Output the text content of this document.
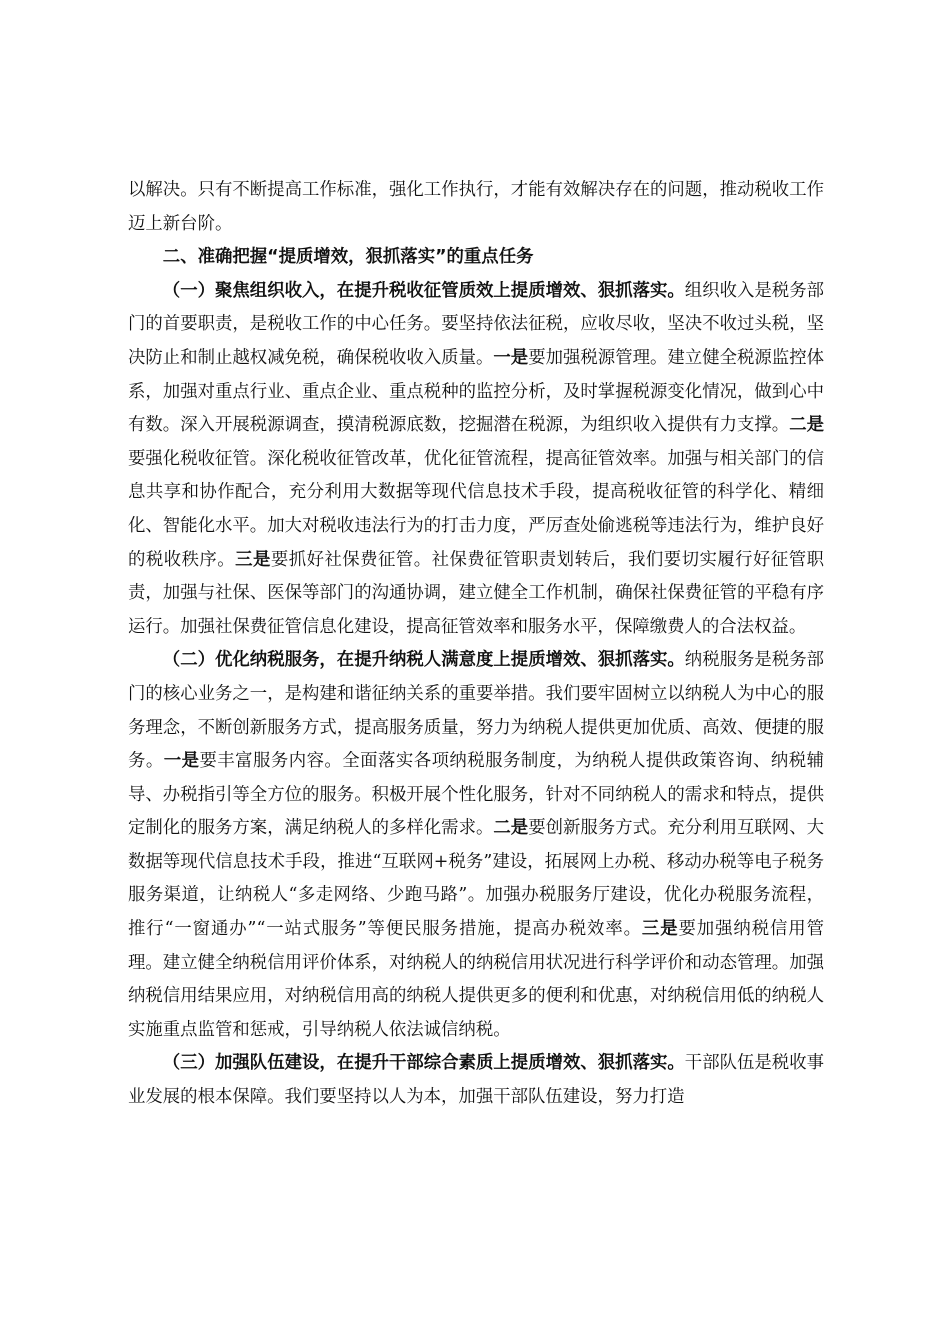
以解决。只有不断提高工作标准，强化工作执行，才能有效解决存在的问题，推动税收工作迈上新台阶。

二、准确把握“提质增效，狠抓落实”的重点任务

（一）聚焦组织收入，在提升税收征管质效上提质增效、狠抓落实。组织收入是税务部门的首要职责，是税收工作的中心任务。要坚持依法征税，应收尽收，坚决不收过头税，坚决防止和制止越权减免税，确保税收收入质量。一是要加强税源管理。建立健全税源监控体系，加强对重点行业、重点企业、重点税种的监控分析，及时掌握税源变化情况，做到心中有数。深入开展税源调查，摸清税源底数，挖掘潜在税源，为组织收入提供有力支撑。二是要强化税收征管。深化税收征管改革，优化征管流程，提高征管效率。加强与相关部门的信息共享和协作配合，充分利用大数据等现代信息技术手段，提高税收征管的科学化、精细化、智能化水平。加大对税收违法行为的打击力度，严厉查处偷逃税等违法行为，维护良好的税收秩序。三是要抓好社保费征管。社保费征管职责划转后，我们要切实履行好征管职责，加强与社保、医保等部门的沟通协调，建立健全工作机制，确保社保费征管的平稳有序运行。加强社保费征管信息化建设，提高征管效率和服务水平，保障缴费人的合法权益。

（二）优化纳税服务，在提升纳税人满意度上提质增效、狠抓落实。纳税服务是税务部门的核心业务之一，是构建和谐征纳关系的重要举措。我们要牢固树立以纳税人为中心的服务理念，不断创新服务方式，提高服务质量，努力为纳税人提供更加优质、高效、便捷的服务。一是要丰富服务内容。全面落实各项纳税服务制度，为纳税人提供政策咨询、纳税辅导、办税指引等全方位的服务。积极开展个性化服务，针对不同纳税人的需求和特点，提供定制化的服务方案，满足纳税人的多样化需求。二是要创新服务方式。充分利用互联网、大数据等现代信息技术手段，推进“互联网+税务”建设，拓展网上办税、移动办税等电子税务服务渠道，让纳税人“多走网络、少跑马路”。加强办税服务厅建设，优化办税服务流程，推行“一窗通办”“一站式服务”等便民服务措施，提高办税效率。三是要加强纳税信用管理。建立健全纳税信用评价体系，对纳税人的纳税信用状况进行科学评价和动态管理。加强纳税信用结果应用，对纳税信用高的纳税人提供更多的便利和优惠，对纳税信用低的纳税人实施重点监管和惩戒，引导纳税人依法诚信纳税。

（三）加强队伍建设，在提升干部综合素质上提质增效、狠抓落实。干部队伍是税收事业发展的根本保障。我们要坚持以人为本，加强干部队伍建设，努力打造
